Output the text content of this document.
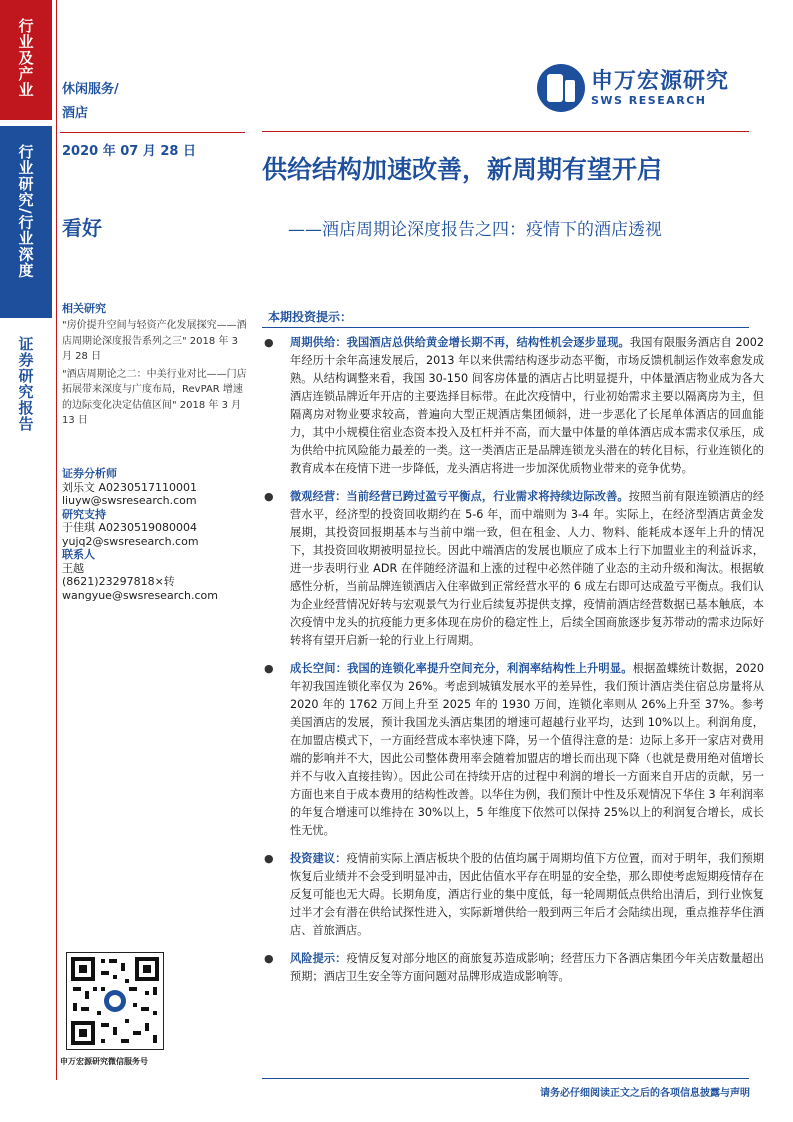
行业及产业
行业研究/行业深度
证券研究报告
休闲服务/
酒店
2020 年 07 月 28 日
看好
申万宏源研究
SWS RESEARCH
供给结构加速改善，新周期有望开启
——酒店周期论深度报告之四：疫情下的酒店透视
相关研究

"房价提升空间与轻资产化发展探究——酒店周期论深度报告系列之三" 2018 年 3 月 28 日

"酒店周期论之二：中美行业对比——门店拓展带来深度与广度布局，RevPAR 增速的边际变化决定估值区间" 2018 年 3 月 13 日

证券分析师
刘乐文 A0230517110001
liuyw@swsresearch.com
研究支持
于佳琪 A0230519080004
yujq2@swsresearch.com
联系人
王越
(8621)23297818×转
wangyue@swsresearch.com
申万宏源研究微信服务号
本期投资提示：
● 周期供给：我国酒店总供给黄金增长期不再，结构性机会逐步显现。我国有限服务酒店自 2002 年经历十余年高速发展后，2013 年以来供需结构逐步动态平衡，市场反馈机制运作效率愈发成熟。从结构调整来看，我国 30-150 间客房体量的酒店占比明显提升，中体量酒店物业成为各大酒店连锁品牌近年开店的主要选择目标带。在此次疫情中，行业初始需求主要以隔离房为主，但隔离房对物业要求较高，普遍向大型正规酒店集团倾斜，进一步恶化了长尾单体酒店的回血能力，其中小规模住宿业态资本投入及杠杆并不高，而大量中体量的单体酒店成本需求仅承压，成为供给中抗风险能力最差的一类。这一类酒店正是品牌连锁龙头潜在的转化目标，行业连锁化的教育成本在疫情下进一步降低，龙头酒店将进一步加深优质物业带来的竞争优势。
● 微观经营：当前经营已跨过盈亏平衡点，行业需求将持续边际改善。按照当前有限连锁酒店的经营水平，经济型的投资回收期约在 5-6 年，而中端则为 3-4 年。实际上，在经济型酒店黄金发展期，其投资回报期基本与当前中端一致，但在租金、人力、物料、能耗成本逐年上升的情况下，其投资回收期被明显拉长。因此中端酒店的发展也顺应了成本上行下加盟业主的利益诉求，进一步表明行业 ADR 在伴随经济温和上涨的过程中必然伴随了业态的主动升级和淘汰。根据敏感性分析，当前品牌连锁酒店入住率做到正常经营水平的 6 成左右即可达成盈亏平衡点。我们认为企业经营情况好转与宏观景气为行业后续复苏提供支撑，疫情前酒店经营数据已基本触底，本次疫情中龙头的抗疫能力更多体现在房价的稳定性上，后续全国商旅逐步复苏带动的需求边际好转将有望开启新一轮的行业上行周期。
● 成长空间：我国的连锁化率提升空间充分，利润率结构性上升明显。根据盈蝶统计数据，2020 年初我国连锁化率仅为 26%。考虑到城镇发展水平的差异性，我们预计酒店类住宿总房量将从 2020 年的 1762 万间上升至 2025 年的 1930 万间，连锁化率则从 26%上升至 37%。参考美国酒店的发展，预计我国龙头酒店集团的增速可超越行业平均，达到 10%以上。利润角度，在加盟店模式下，一方面经营成本率快速下降，另一个值得注意的是：边际上多开一家店对费用端的影响并不大，因此公司整体费用率会随着加盟店的增长而出现下降（也就是费用绝对值增长并不与收入直接挂钩）。因此公司在持续开店的过程中利润的增长一方面来自开店的贡献，另一方面也来自于成本费用的结构性改善。以华住为例，我们预计中性及乐观情况下华住 3 年利润率的年复合增速可以维持在 30%以上，5 年维度下依然可以保持 25%以上的利润复合增长，成长性无忧。
● 投资建议：疫情前实际上酒店板块个股的估值均属于周期均值下方位置，而对于明年，我们预期恢复后业绩并不会受到明显冲击，因此估值水平存在明显的安全垫，那么即使考虑短期疫情存在反复可能也无大碍。长期角度，酒店行业的集中度低，每一轮周期低点供给出清后，到行业恢复过半才会有潜在供给试探性进入，实际新增供给一般到两三年后才会陆续出现，重点推荐华住酒店、首旅酒店。
● 风险提示：疫情反复对部分地区的商旅复苏造成影响；经营压力下各酒店集团今年关店数量超出预期；酒店卫生安全等方面问题对品牌形成造成影响等。
请务必仔细阅读正文之后的各项信息披露与声明
